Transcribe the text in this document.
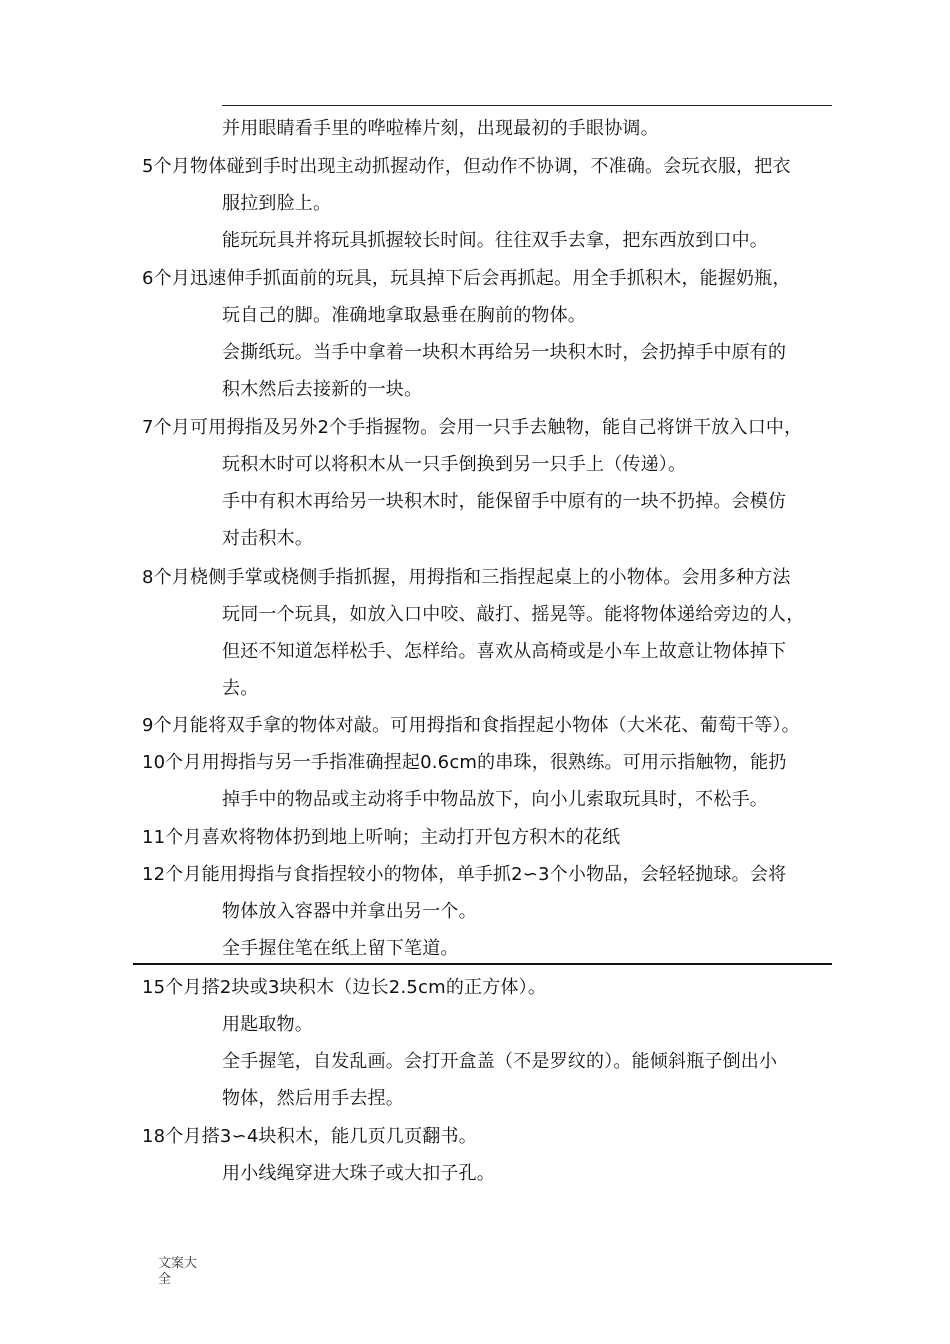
并用眼睛看手里的哗啦棒片刻，出现最初的手眼协调。
5个月物体碰到手时出现主动抓握动作，但动作不协调，不准确。会玩衣服，把衣
服拉到脸上。
能玩玩具并将玩具抓握较长时间。往往双手去拿，把东西放到口中。
6个月迅速伸手抓面前的玩具，玩具掉下后会再抓起。用全手抓积木，能握奶瓶，
玩自己的脚。准确地拿取悬垂在胸前的物体。
会撕纸玩。当手中拿着一块积木再给另一块积木时，会扔掉手中原有的
积木然后去接新的一块。
7个月可用拇指及另外2个手指握物。会用一只手去触物，能自己将饼干放入口中，
玩积木时可以将积木从一只手倒换到另一只手上（传递）。
手中有积木再给另一块积木时，能保留手中原有的一块不扔掉。会模仿
对击积木。
8个月桡侧手掌或桡侧手指抓握，用拇指和三指捏起桌上的小物体。会用多种方法
玩同一个玩具，如放入口中咬、敲打、摇晃等。能将物体递给旁边的人，
但还不知道怎样松手、怎样给。喜欢从高椅或是小车上故意让物体掉下
去。
9个月能将双手拿的物体对敲。可用拇指和食指捏起小物体（大米花、葡萄干等）。
10个月用拇指与另一手指准确捏起0.6cm的串珠，很熟练。可用示指触物，能扔
掉手中的物品或主动将手中物品放下，向小儿索取玩具时，不松手。
11个月喜欢将物体扔到地上听响；主动打开包方积木的花纸
12个月能用拇指与食指捏较小的物体，单手抓2∽3个小物品，会轻轻抛球。会将
物体放入容器中并拿出另一个。
全手握住笔在纸上留下笔道。
15个月搭2块或3块积木（边长2.5cm的正方体）。
用匙取物。
全手握笔，自发乱画。会打开盒盖（不是罗纹的）。能倾斜瓶子倒出小
物体，然后用手去捏。
18个月搭3∽4块积木，能几页几页翻书。
用小线绳穿进大珠子或大扣子孔。
文案大全
